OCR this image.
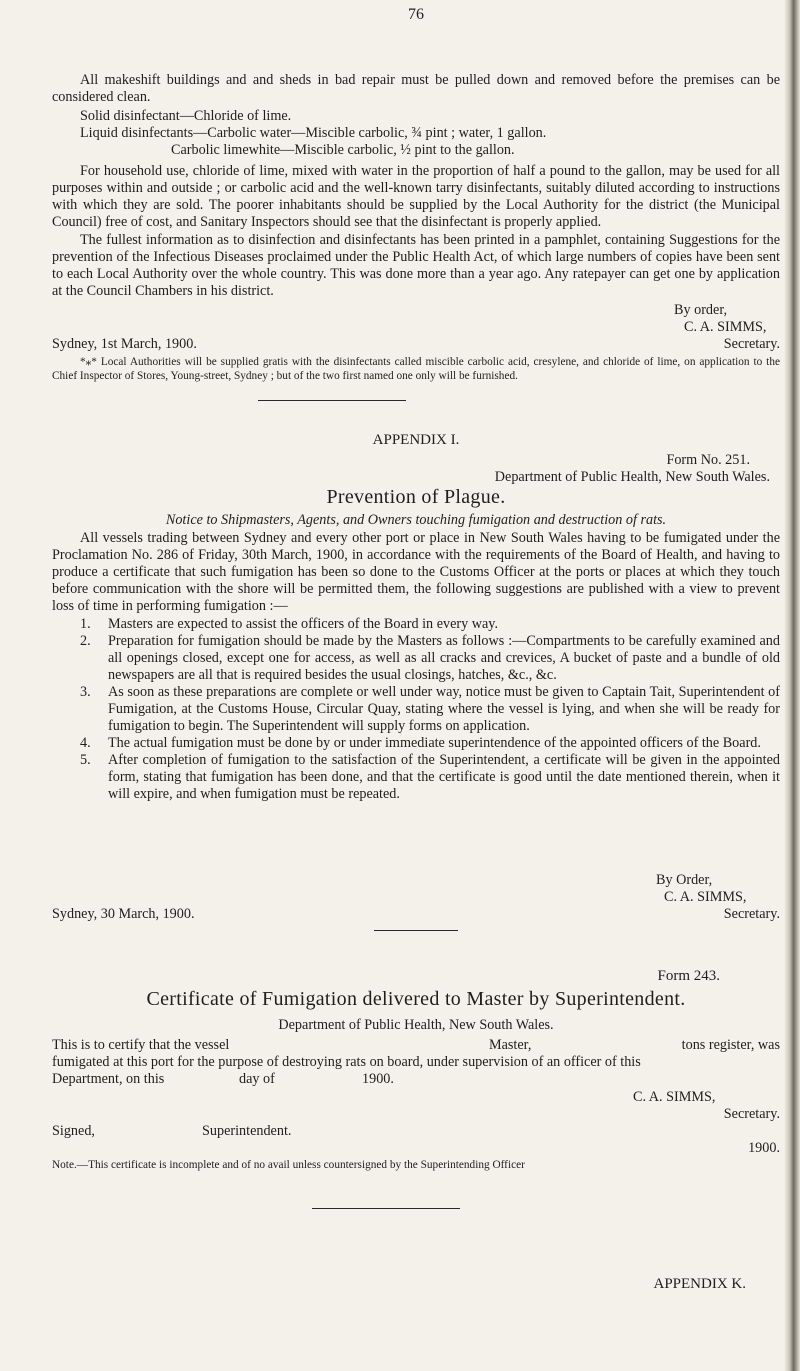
76

All makeshift buildings and and sheds in bad repair must be pulled down and removed before the premises can be considered clean.

Solid disinfectant—Chloride of lime.
Liquid disinfectants—Carbolic water—Miscible carbolic, ¾ pint ; water, 1 gallon.
Carbolic limewhite—Miscible carbolic, ½ pint to the gallon.

For household use, chloride of lime, mixed with water in the proportion of half a pound to the gallon, may be used for all purposes within and outside ; or carbolic acid and the well-known tarry disinfectants, suitably diluted according to instructions with which they are sold. The poorer inhabitants should be supplied by the Local Authority for the district (the Municipal Council) free of cost, and Sanitary Inspectors should see that the disinfectant is properly applied.

The fullest information as to disinfection and disinfectants has been printed in a pamphlet, containing Suggestions for the prevention of the Infectious Diseases proclaimed under the Public Health Act, of which large numbers of copies have been sent to each Local Authority over the whole country. This was done more than a year ago. Any ratepayer can get one by application at the Council Chambers in his district.

By order,
C. A. SIMMS,
Sydney, 1st March, 1900.	Secretary.

*⁎* Local Authorities will be supplied gratis with the disinfectants called miscible carbolic acid, cresylene, and chloride of lime, on application to the Chief Inspector of Stores, Young-street, Sydney ; but of the two first named one only will be furnished.

APPENDIX I.
Form No. 251.
Department of Public Health, New South Wales.
Prevention of Plague.
Notice to Shipmasters, Agents, and Owners touching fumigation and destruction of rats.

All vessels trading between Sydney and every other port or place in New South Wales having to be fumigated under the Proclamation No. 286 of Friday, 30th March, 1900, in accordance with the requirements of the Board of Health, and having to produce a certificate that such fumigation has been so done to the Customs Officer at the ports or places at which they touch before communication with the shore will be permitted them, the following suggestions are published with a view to prevent loss of time in performing fumigation :—

1.	Masters are expected to assist the officers of the Board in every way.
2.	Preparation for fumigation should be made by the Masters as follows :—Compartments to be carefully examined and all openings closed, except one for access, as well as all cracks and crevices, A bucket of paste and a bundle of old newspapers are all that is required besides the usual closings, hatches, &c., &c.
3.	As soon as these preparations are complete or well under way, notice must be given to Captain Tait, Superintendent of Fumigation, at the Customs House, Circular Quay, stating where the vessel is lying, and when she will be ready for fumigation to begin. The Superintendent will supply forms on application.
4.	The actual fumigation must be done by or under immediate superintendence of the appointed officers of the Board.
5.	After completion of fumigation to the satisfaction of the Superintendent, a certificate will be given in the appointed form, stating that fumigation has been done, and that the certificate is good until the date mentioned therein, when it will expire, and when fumigation must be repeated.
By Order,
C. A. SIMMS,
Sydney, 30 March, 1900.	Secretary.
Form 243.
Certificate of Fumigation delivered to Master by Superintendent.
Department of Public Health, New South Wales.
This is to certify that the vessel	Master,	tons register, was
fumigated at this port for the purpose of destroying rats on board, under supervision of an officer of this
Department, on this	day of	1900.
C. A. SIMMS,
Secretary.
Signed,	Superintendent.
1900.
Note.—This certificate is incomplete and of no avail unless countersigned by the Superintending Officer
APPENDIX K.
